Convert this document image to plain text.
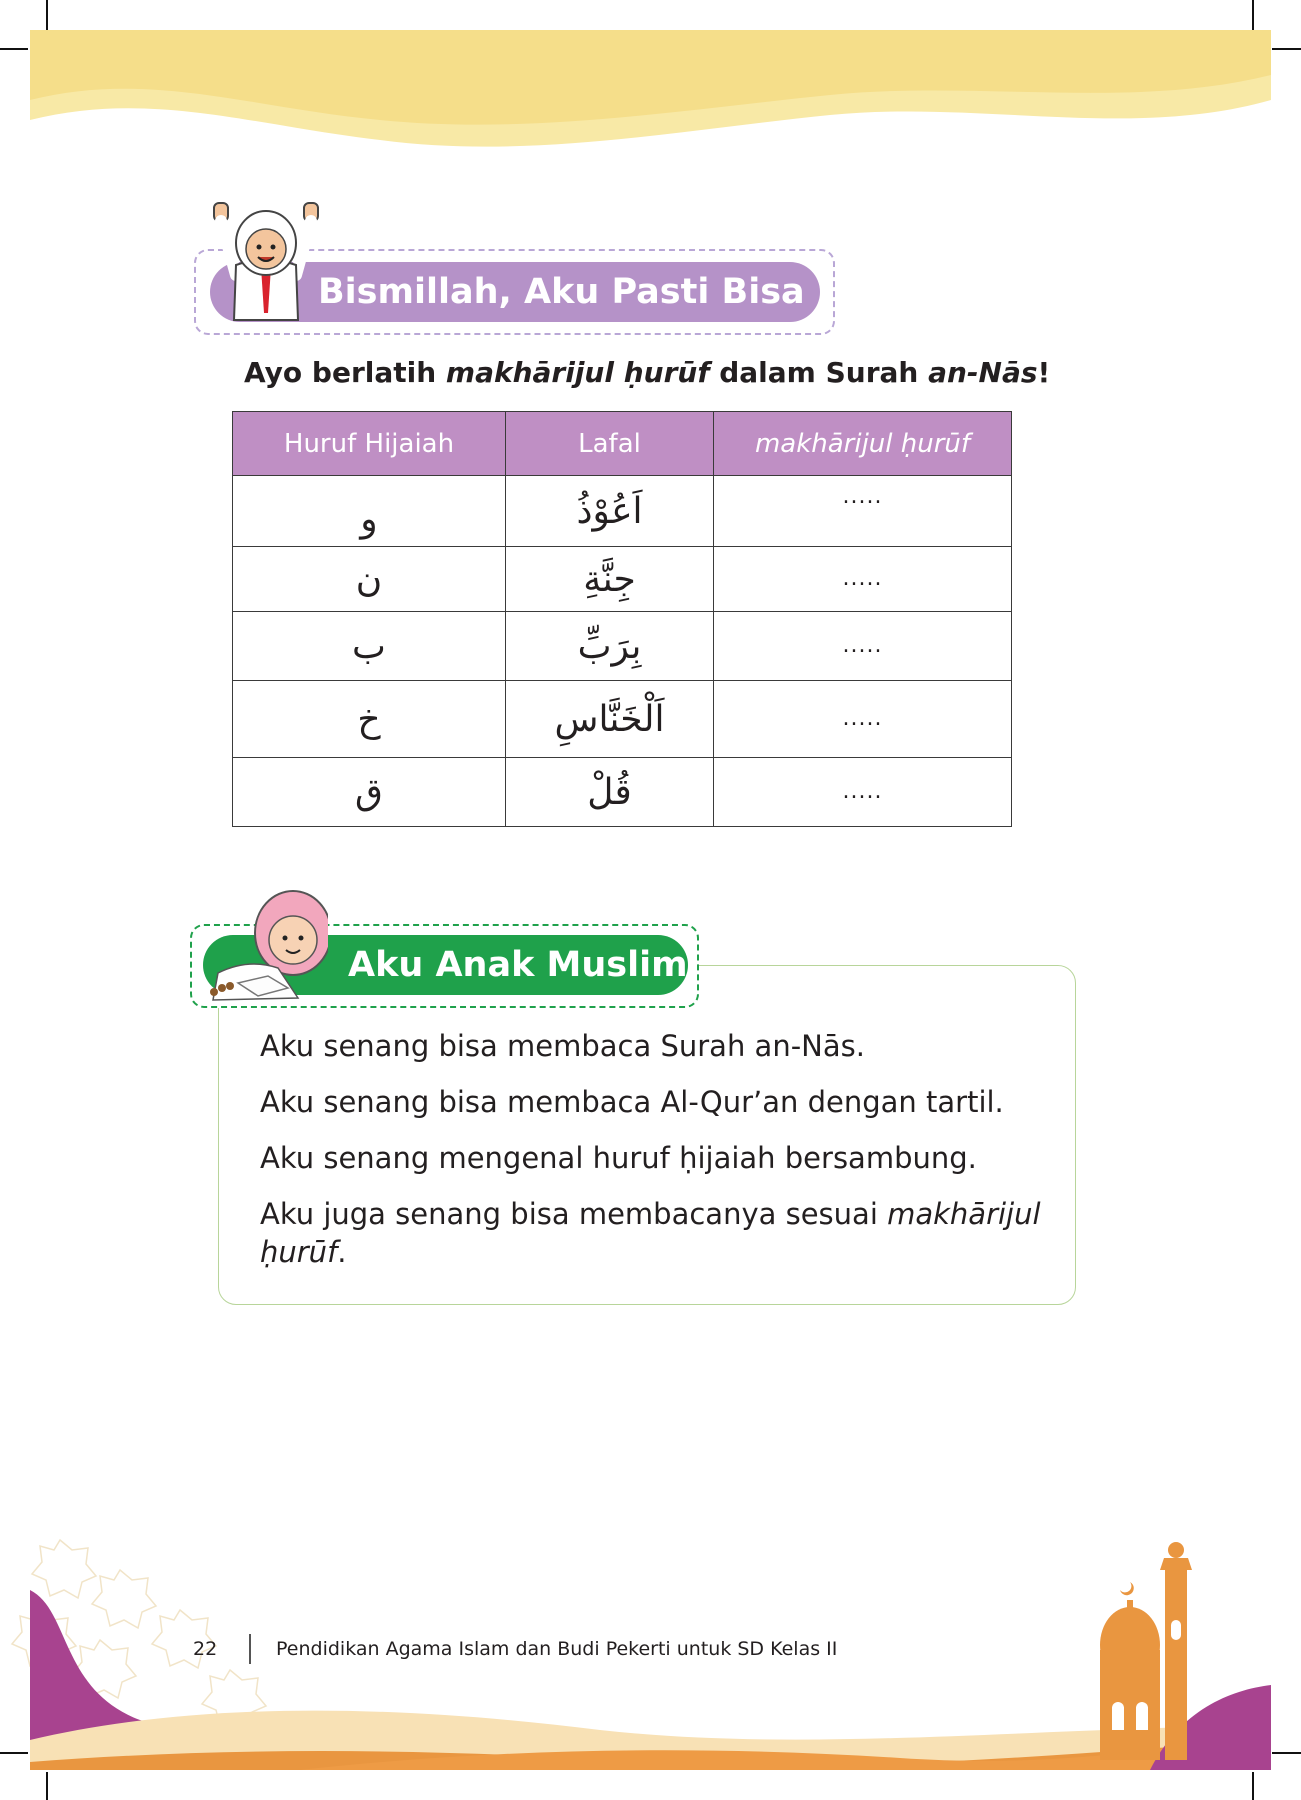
Bismillah, Aku Pasti Bisa
Ayo berlatih makhārijul ḥurūf dalam Surah an-Nās!
Huruf Hijaiah	Lafal	makhārijul ḥurūf
و	اَعُوْذُ	.....
ن	جِنَّةِ	.....
ب	بِرَبِّ	.....
خ	اَلْخَنَّاسِ	.....
ق	قُلْ	.....
Aku Anak Muslim
Aku senang bisa membaca Surah an-Nās.
Aku senang bisa membaca Al-Qur’an dengan tartil.
Aku senang mengenal huruf ḥijaiah bersambung.
Aku juga senang bisa membacanya sesuai makhārijul
ḥurūf.
22	Pendidikan Agama Islam dan Budi Pekerti untuk SD Kelas II
